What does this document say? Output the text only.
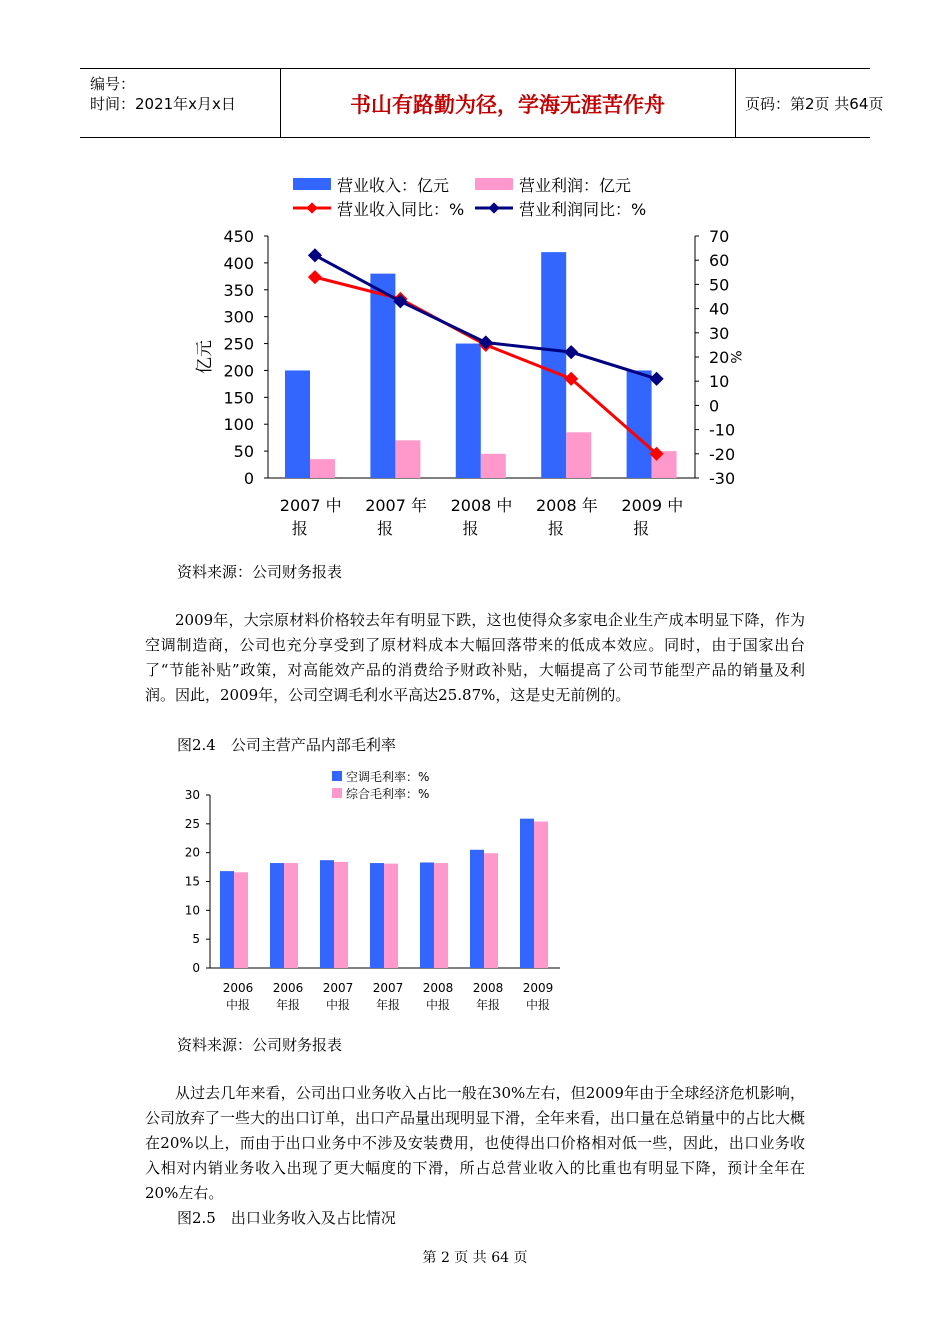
编号：
时间：2021年x月x日	书山有路勤为径，学海无涯苦作舟	页码：第2页 共64页
0
50
100
150
200
250
300
350
400
450
-30
-20
-10
0
10
20
30
40
50
60
70
亿元	%
2007 中
报
2007 年
报
2008 中
报
2008 年
报
2009 中
报
营业收入：亿元	营业利润：亿元
营业收入同比：%	营业利润同比：%
资料来源：公司财务报表
2009年，大宗原材料价格较去年有明显下跌，这也使得众多家电企业生产成本明显下降，作为空调制造商，公司也充分享受到了原材料成本大幅回落带来的低成本效应。同时，由于国家出台了“节能补贴”政策，对高能效产品的消费给予财政补贴，大幅提高了公司节能型产品的销量及利润。因此，2009年，公司空调毛利水平高达25.87%，这是史无前例的。
图2.4　公司主营产品内部毛利率
0
5
10
15
20
25
30
2006
中报
2006
年报
2007
中报
2007
年报
2008
中报
2008
年报
2009
中报
空调毛利率：%
综合毛利率：%
资料来源：公司财务报表
从过去几年来看，公司出口业务收入占比一般在30%左右，但2009年由于全球经济危机影响，公司放弃了一些大的出口订单，出口产品量出现明显下滑，全年来看，出口量在总销量中的占比大概在20%以上，而由于出口业务中不涉及安装费用，也使得出口价格相对低一些，因此，出口业务收入相对内销业务收入出现了更大幅度的下滑，所占总营业收入的比重也有明显下降，预计全年在20%左右。
图2.5　出口业务收入及占比情况
第 2 页 共 64 页
